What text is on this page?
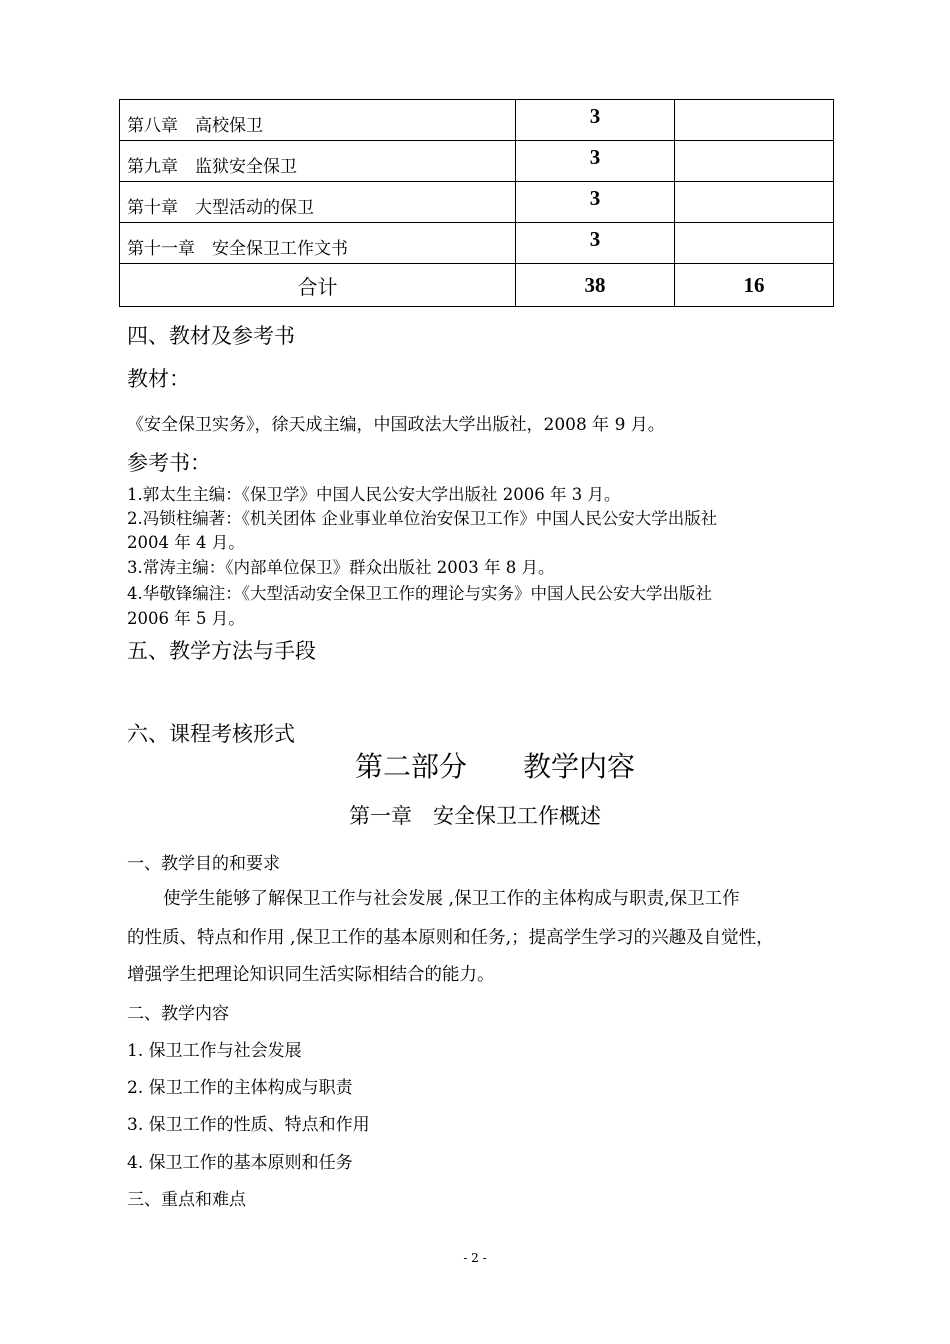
第八章　高校保卫	3	
第九章　监狱安全保卫	3	
第十章　大型活动的保卫	3	
第十一章　安全保卫工作文书	3	
合计	38	16
四、教材及参考书
教材：
《安全保卫实务》，徐天成主编，中国政法大学出版社，2008 年 9 月。
参考书：
1.郭太生主编：《保卫学》中国人民公安大学出版社 2006 年 3 月。
2.冯锁柱编著：《机关团体 企业事业单位治安保卫工作》中国人民公安大学出版社
2004 年 4 月。
3.常涛主编：《内部单位保卫》群众出版社 2003 年 8 月。
4.华敬锋编注：《大型活动安全保卫工作的理论与实务》中国人民公安大学出版社
2006 年 5 月。
五、教学方法与手段
六、课程考核形式
第二部分　　教学内容
第一章　安全保卫工作概述
一、教学目的和要求
使学生能够了解保卫工作与社会发展 ,保卫工作的主体构成与职责,保卫工作
的性质、特点和作用 ,保卫工作的基本原则和任务,；提高学生学习的兴趣及自觉性，
增强学生把理论知识同生活实际相结合的能力。
二、教学内容
1. 保卫工作与社会发展
2. 保卫工作的主体构成与职责
3. 保卫工作的性质、特点和作用
4. 保卫工作的基本原则和任务
三、重点和难点
- 2 -
